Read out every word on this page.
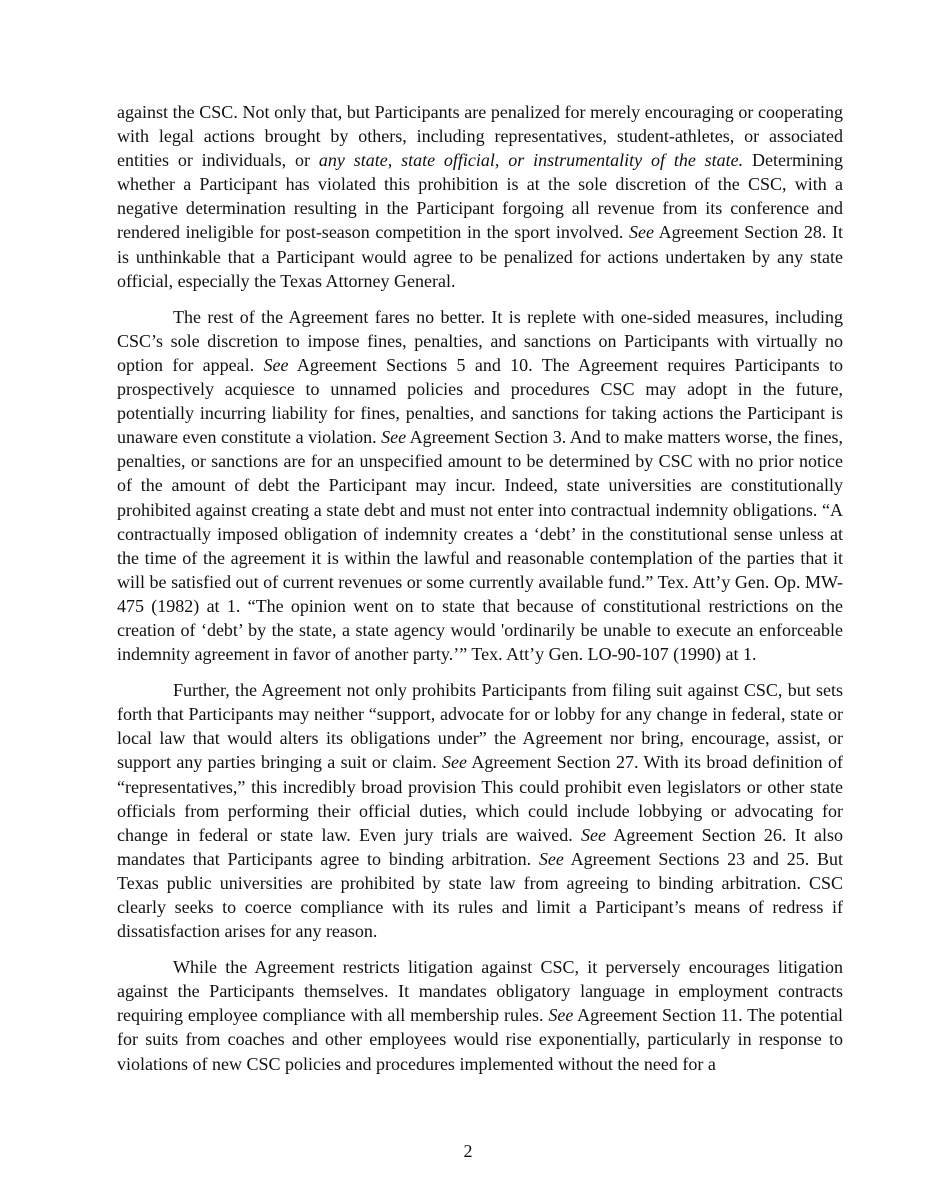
against the CSC. Not only that, but Participants are penalized for merely encouraging or cooperating with legal actions brought by others, including representatives, student-athletes, or associated entities or individuals, or any state, state official, or instrumentality of the state. Determining whether a Participant has violated this prohibition is at the sole discretion of the CSC, with a negative determination resulting in the Participant forgoing all revenue from its conference and rendered ineligible for post-season competition in the sport involved. See Agreement Section 28. It is unthinkable that a Participant would agree to be penalized for actions undertaken by any state official, especially the Texas Attorney General.

The rest of the Agreement fares no better. It is replete with one-sided measures, including CSC’s sole discretion to impose fines, penalties, and sanctions on Participants with virtually no option for appeal. See Agreement Sections 5 and 10. The Agreement requires Participants to prospectively acquiesce to unnamed policies and procedures CSC may adopt in the future, potentially incurring liability for fines, penalties, and sanctions for taking actions the Participant is unaware even constitute a violation. See Agreement Section 3. And to make matters worse, the fines, penalties, or sanctions are for an unspecified amount to be determined by CSC with no prior notice of the amount of debt the Participant may incur. Indeed, state universities are constitutionally prohibited against creating a state debt and must not enter into contractual indemnity obligations. “A contractually imposed obligation of indemnity creates a ‘debt’ in the constitutional sense unless at the time of the agreement it is within the lawful and reasonable contemplation of the parties that it will be satisfied out of current revenues or some currently available fund.” Tex. Att’y Gen. Op. MW-475 (1982) at 1. “The opinion went on to state that because of constitutional restrictions on the creation of ‘debt’ by the state, a state agency would 'ordinarily be unable to execute an enforceable indemnity agreement in favor of another party.’” Tex. Att’y Gen. LO-90-107 (1990) at 1.

Further, the Agreement not only prohibits Participants from filing suit against CSC, but sets forth that Participants may neither “support, advocate for or lobby for any change in federal, state or local law that would alters its obligations under” the Agreement nor bring, encourage, assist, or support any parties bringing a suit or claim. See Agreement Section 27. With its broad definition of “representatives,” this incredibly broad provision This could prohibit even legislators or other state officials from performing their official duties, which could include lobbying or advocating for change in federal or state law. Even jury trials are waived. See Agreement Section 26. It also mandates that Participants agree to binding arbitration. See Agreement Sections 23 and 25. But Texas public universities are prohibited by state law from agreeing to binding arbitration. CSC clearly seeks to coerce compliance with its rules and limit a Participant’s means of redress if dissatisfaction arises for any reason.

While the Agreement restricts litigation against CSC, it perversely encourages litigation against the Participants themselves. It mandates obligatory language in employment contracts requiring employee compliance with all membership rules. See Agreement Section 11. The potential for suits from coaches and other employees would rise exponentially, particularly in response to violations of new CSC policies and procedures implemented without the need for a

2
